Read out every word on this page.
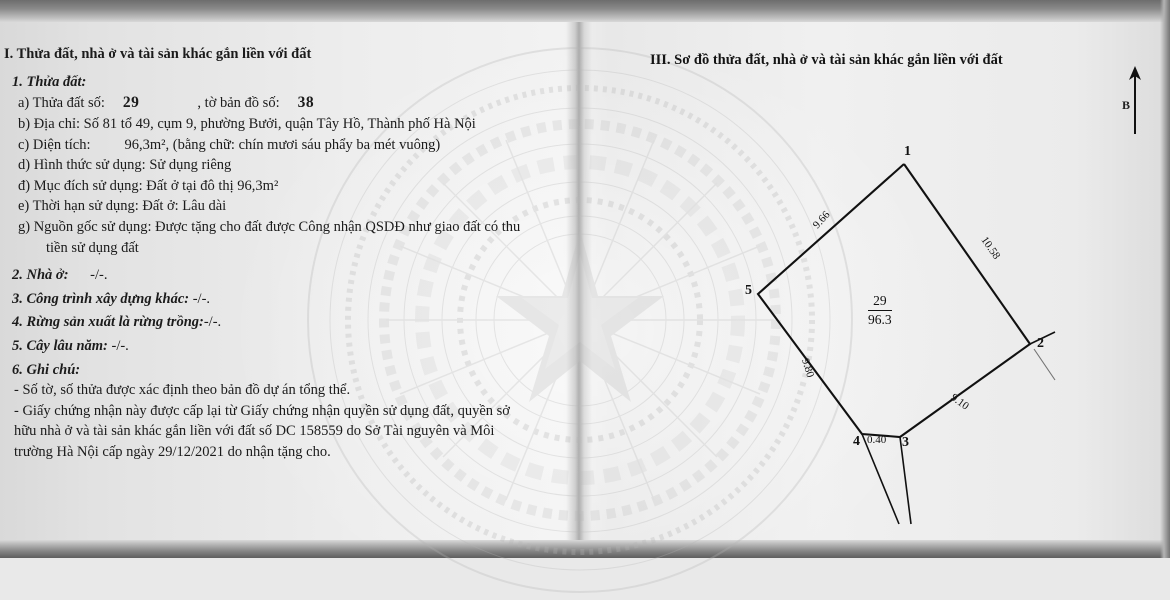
I. Thửa đất, nhà ở và tài sản khác gắn liền với đất
1. Thửa đất:
a) Thửa đất số: 29	, tờ bản đồ số: 38
b) Địa chỉ: Số 81 tổ 49, cụm 9, phường Bưởi, quận Tây Hồ, Thành phố Hà Nội
c) Diện tích: 96,3m², (bằng chữ: chín mươi sáu phẩy ba mét vuông)
d) Hình thức sử dụng: Sử dụng riêng
đ) Mục đích sử dụng: Đất ở tại đô thị 96,3m²
e) Thời hạn sử dụng: Đất ở: Lâu dài
g) Nguồn gốc sử dụng: Được tặng cho đất được Công nhận QSDĐ như giao đất có thu
tiền sử dụng đất
2. Nhà ở: -/-.
3. Công trình xây dựng khác: -/-.
4. Rừng sản xuất là rừng trồng:-/-.
5. Cây lâu năm: -/-.
6. Ghi chú:
- Số tờ, số thửa được xác định theo bản đồ dự án tổng thể.
- Giấy chứng nhận này được cấp lại từ Giấy chứng nhận quyền sử dụng đất, quyền sở
hữu nhà ở và tài sản khác gắn liền với đất số DC 158559 do Sở Tài nguyên và Môi
trường Hà Nội cấp ngày 29/12/2021 do nhận tặng cho.
III. Sơ đồ thửa đất, nhà ở và tài sản khác gắn liền với đất
B
1
2
3
4
5
9.66
10.58
9.10
0.40
9.80
29
96.3
